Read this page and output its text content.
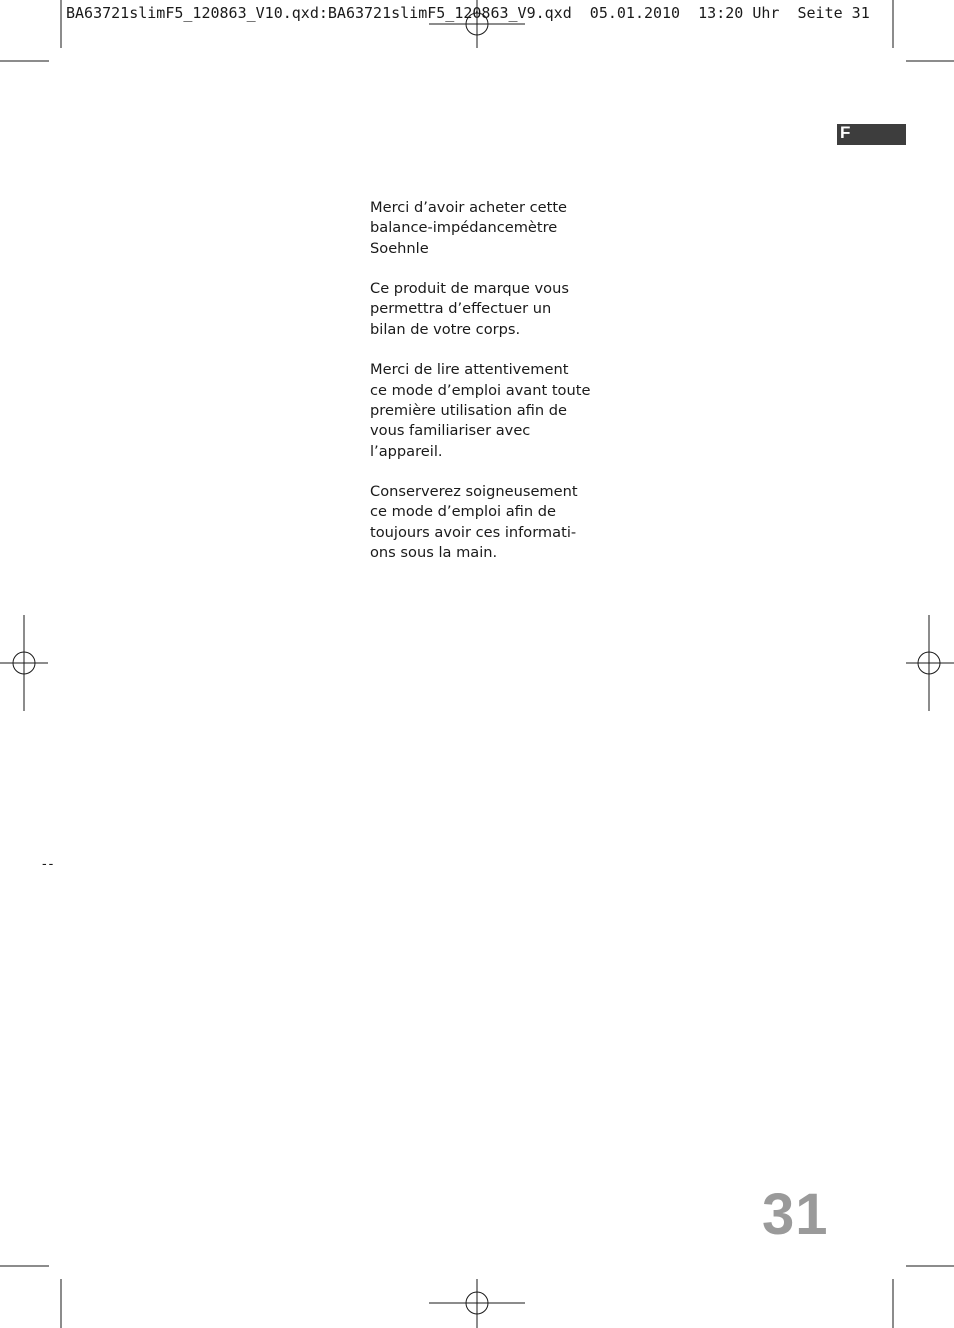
BA63721slimF5_120863_V10.qxd:BA63721slimF5_120863_V9.qxd  05.01.2010  13:20 Uhr  Seite 31
F

Merci d’avoir acheter cette
balance-impédancemètre
Soehnle

Ce produit de marque vous
permettra d’effectuer un
bilan de votre corps.

Merci de lire attentivement
ce mode d’emploi avant toute
première utilisation afin de
vous familiariser avec
l’appareil.

Conserverez soigneusement
ce mode d’emploi afin de
toujours avoir ces informati-
ons sous la main.

--
31
